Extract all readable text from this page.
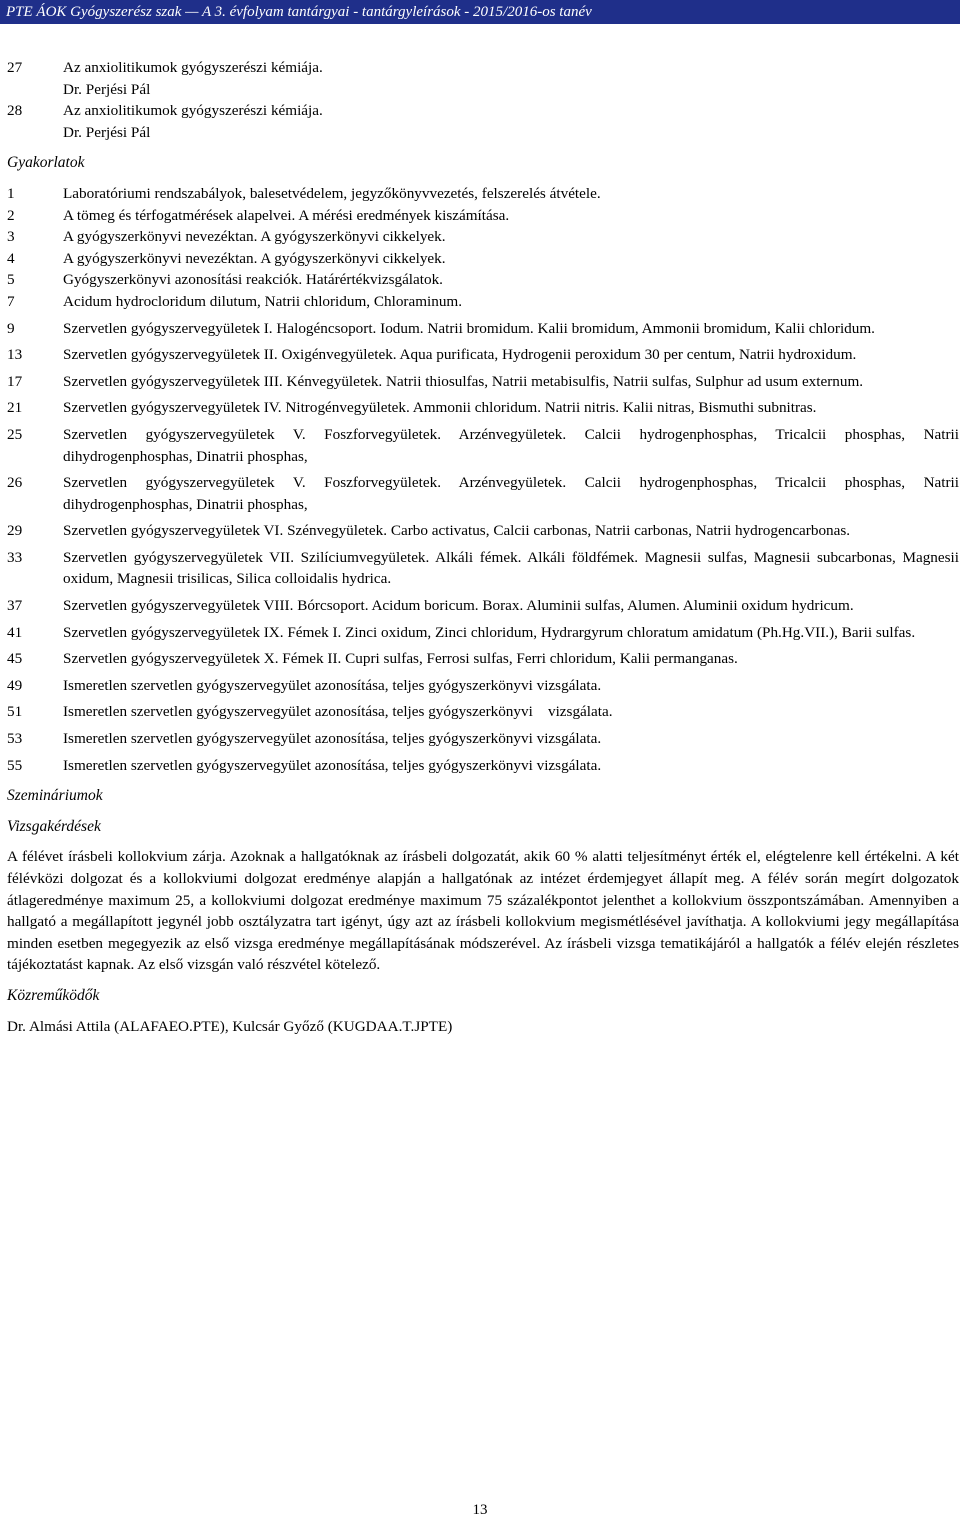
PTE ÁOK Gyógyszerész szak — A 3. évfolyam tantárgyai - tantárgyleírások - 2015/2016-os tanév
27	Az anxiolitikumok gyógyszerészi kémiája.
Dr. Perjési Pál
28	Az anxiolitikumok gyógyszerészi kémiája.
Dr. Perjési Pál
Gyakorlatok
1	Laboratóriumi rendszabályok, balesetvédelem, jegyzőkönyvvezetés, felszerelés átvétele.
2	A tömeg és térfogatmérések alapelvei. A mérési eredmények kiszámítása.
3	A gyógyszerkönyvi nevezéktan. A gyógyszerkönyvi cikkelyek.
4	A gyógyszerkönyvi nevezéktan. A gyógyszerkönyvi cikkelyek.
5	Gyógyszerkönyvi azonosítási reakciók. Határértékvizsgálatok.
7	Acidum hydrocloridum dilutum, Natrii chloridum, Chloraminum.
9	Szervetlen gyógyszervegyületek I. Halogéncsoport. Iodum. Natrii bromidum. Kalii bromidum, Ammonii bromidum, Kalii chloridum.
13	Szervetlen gyógyszervegyületek II. Oxigénvegyületek. Aqua purificata, Hydrogenii peroxidum 30 per centum, Natrii hydroxidum.
17	Szervetlen gyógyszervegyületek III. Kénvegyületek. Natrii thiosulfas, Natrii metabisulfis, Natrii sulfas, Sulphur ad usum externum.
21	Szervetlen gyógyszervegyületek IV. Nitrogénvegyületek. Ammonii chloridum. Natrii nitris. Kalii nitras, Bismuthi subnitras.
25	Szervetlen gyógyszervegyületek V. Foszforvegyületek. Arzénvegyületek. Calcii hydrogenphosphas, Tricalcii phosphas, Natrii dihydrogenphosphas, Dinatrii phosphas,
26	Szervetlen gyógyszervegyületek V. Foszforvegyületek. Arzénvegyületek. Calcii hydrogenphosphas, Tricalcii phosphas, Natrii dihydrogenphosphas, Dinatrii phosphas,
29	Szervetlen gyógyszervegyületek VI. Szénvegyületek. Carbo activatus, Calcii carbonas, Natrii carbonas, Natrii hydrogencarbonas.
33	Szervetlen gyógyszervegyületek VII. Szilíciumvegyületek. Alkáli fémek. Alkáli földfémek. Magnesii sulfas, Magnesii subcarbonas, Magnesii oxidum, Magnesii trisilicas, Silica colloidalis hydrica.
37	Szervetlen gyógyszervegyületek VIII. Bórcsoport. Acidum boricum. Borax. Aluminii sulfas, Alumen. Aluminii oxidum hydricum.
41	Szervetlen gyógyszervegyületek IX. Fémek I. Zinci oxidum, Zinci chloridum, Hydrargyrum chloratum amidatum (Ph.Hg.VII.), Barii sulfas.
45	Szervetlen gyógyszervegyületek X. Fémek II. Cupri sulfas, Ferrosi sulfas, Ferri chloridum, Kalii permanganas.
49	Ismeretlen szervetlen gyógyszervegyület azonosítása, teljes gyógyszerkönyvi vizsgálata.
51	Ismeretlen szervetlen gyógyszervegyület azonosítása, teljes gyógyszerkönyvi    vizsgálata.
53	Ismeretlen szervetlen gyógyszervegyület azonosítása, teljes gyógyszerkönyvi vizsgálata.
55	Ismeretlen szervetlen gyógyszervegyület azonosítása, teljes gyógyszerkönyvi vizsgálata.
Szemináriumok
Vizsgakérdések
A félévet írásbeli kollokvium zárja. Azoknak a hallgatóknak az írásbeli dolgozatát, akik 60 % alatti teljesítményt érték el, elégtelenre kell értékelni. A két félévközi dolgozat és a kollokviumi dolgozat eredménye alapján a hallgatónak az intézet érdemjegyet állapít meg. A félév során megírt dolgozatok átlageredménye maximum 25, a kollokviumi dolgozat eredménye maximum 75 százalékpontot jelenthet a kollokvium összpontszámában. Amennyiben a hallgató a megállapított jegynél jobb osztályzatra tart igényt, úgy azt az írásbeli kollokvium megismétlésével javíthatja. A kollokviumi jegy megállapítása minden esetben megegyezik az első vizsga eredménye megállapításának módszerével. Az írásbeli vizsga tematikájáról a hallgatók a félév elején részletes tájékoztatást kapnak. Az első vizsgán való részvétel kötelező.
Közreműködők
Dr. Almási Attila (ALAFAEO.PTE), Kulcsár Győző (KUGDAA.T.JPTE)
13
